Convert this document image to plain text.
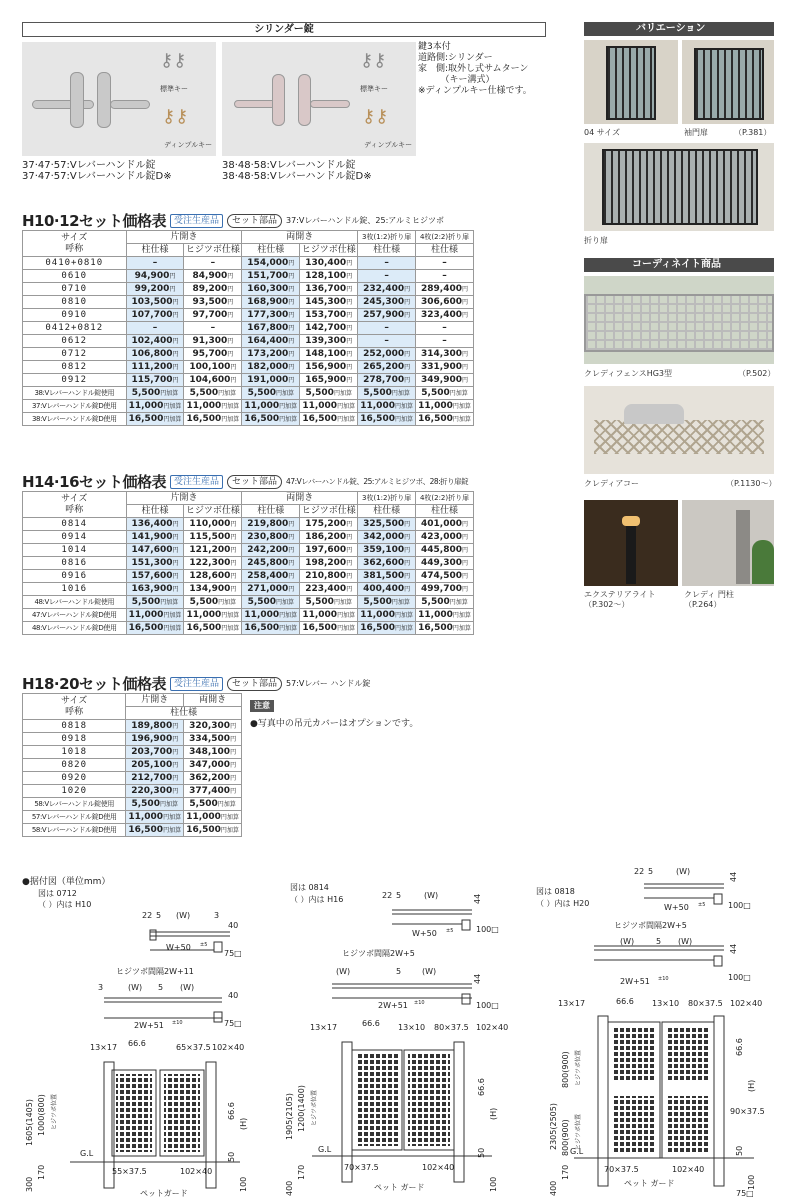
シリンダー錠
⚷⚷
標準キー
⚷⚷
ディンプルキー
⚷⚷
標準キー
⚷⚷
ディンプルキー
37·47·57:Vレバーハンドル錠
37·47·57:Vレバーハンドル錠D※
38·48·58:Vレバーハンドル錠
38·48·58:Vレバーハンドル錠D※
鍵3本付
道路側:シリンダー
家　側:取外し式サムターン
　　　（キー溝式）
※ディンプルキー仕様です。
H10·12セット価格表 受注生産品	セット部品	37:Vレバーハンドル錠、25:アルミヒジツボ
サイズ
呼称	片開き		両開き		3枚(1:2)折り扉	4枚(2:2)折り扉
	柱仕様	ヒジツボ仕様	柱仕様	ヒジツボ仕様	柱仕様	柱仕様
0410+0810	–	–	154,000円	130,400円	–	–
0610	94,900円	84,900円	151,700円	128,100円	–	–
0710	99,200円	89,200円	160,300円	136,700円	232,400円	289,400円
0810	103,500円	93,500円	168,900円	145,300円	245,300円	306,600円
0910	107,700円	97,700円	177,300円	153,700円	257,900円	323,400円
0412+0812	–	–	167,800円	142,700円	–	–
0612	102,400円	91,300円	164,400円	139,300円	–	–
0712	106,800円	95,700円	173,200円	148,100円	252,000円	314,300円
0812	111,200円	100,100円	182,000円	156,900円	265,200円	331,900円
0912	115,700円	104,600円	191,000円	165,900円	278,700円	349,900円
38:Vレバーハンドル錠使用	5,500円加算	5,500円加算	5,500円加算	5,500円加算	5,500円加算	5,500円加算
37:Vレバーハンドル錠D使用	11,000円加算	11,000円加算	11,000円加算	11,000円加算	11,000円加算	11,000円加算
38:Vレバーハンドル錠D使用	16,500円加算	16,500円加算	16,500円加算	16,500円加算	16,500円加算	16,500円加算
H14·16セット価格表 受注生産品	セット部品	47:Vレバーハンドル錠、25:アルミヒジツボ、28:折り扉錠
サイズ
呼称	片開き		両開き		3枚(1:2)折り扉	4枚(2:2)折り扉
	柱仕様	ヒジツボ仕様	柱仕様	ヒジツボ仕様	柱仕様	柱仕様
0814	136,400円	110,000円	219,800円	175,200円	325,500円	401,000円
0914	141,900円	115,500円	230,800円	186,200円	342,000円	423,000円
1014	147,600円	121,200円	242,200円	197,600円	359,100円	445,800円
0816	151,300円	122,300円	245,800円	198,200円	362,600円	449,300円
0916	157,600円	128,600円	258,400円	210,800円	381,500円	474,500円
1016	163,900円	134,900円	271,000円	223,400円	400,400円	499,700円
48:Vレバーハンドル錠使用	5,500円加算	5,500円加算	5,500円加算	5,500円加算	5,500円加算	5,500円加算
47:Vレバーハンドル錠D使用	11,000円加算	11,000円加算	11,000円加算	11,000円加算	11,000円加算	11,000円加算
48:Vレバーハンドル錠D使用	16,500円加算	16,500円加算	16,500円加算	16,500円加算	16,500円加算	16,500円加算
H18·20セット価格表 受注生産品	セット部品	57:Vレバー ハンドル錠
サイズ
呼称	片開き	両開き
	柱仕様	
0818	189,800円	320,300円
0918	196,900円	334,500円
1018	203,700円	348,100円
0820	205,100円	347,000円
0920	212,700円	362,200円
1020	220,300円	377,400円
58:Vレバーハンドル錠使用	5,500円加算	5,500円加算
57:Vレバーハンドル錠D使用	11,000円加算	11,000円加算
58:Vレバーハンドル錠D使用	16,500円加算	16,500円加算
注意
●写真中の吊元カバーはオプションです。
バリエーション
04 サイズ	袖門扉	（P.381）
折り扉
コーディネイト商品
クレディフェンスHG3型	（P.502）
クレディアコー	（P.1130～）
エクステリアライト
（P.302～）
クレディ 門柱
（P.264）
●据付図（単位mm）
図は 0712
（ ）内は H10
22 5 (W)	3
40
W+50 ±5
75□
ヒジツボ間隔2W+11
3	(W) 5 (W)
40
2W+51 ±10	75□
13×17 66.6	65×37.5 102×40
1605(1405) 1000(800) ヒジツボ位置
300
170
66.6
(H)
50
100
G.L
55×37.5	102×40
ペットガード
図は 0814
（ ）内は H16	22 5	(W)	44
W+50 ±5	100□
ヒジツボ間隔2W+5
(W)	5	(W)
44
2W+51 ±10	100□
13×17	66.6 13×10 80×37.5 102×40
1905(2105) 1200(1400) ヒジツボ位置
400
170
66.6
(H)
50
100
G.L
70×37.5	102×40
ペット ガード
図は 0818
（ ）内は H20
22 5	(W)
44
W+50 ±5	100□
ヒジツボ間隔2W+5
(W)	5 (W)
44
2W+51 ±10	100□
13×17	66.6 13×10 80×37.5 102×40
2305(2505)
800(900)
800(900)
ヒジツボ位置
ヒジツボ位置
400
170
66.6
(H)
90×37.5
50
100
G.L
70×37.5	102×40
ペット ガード
75□
